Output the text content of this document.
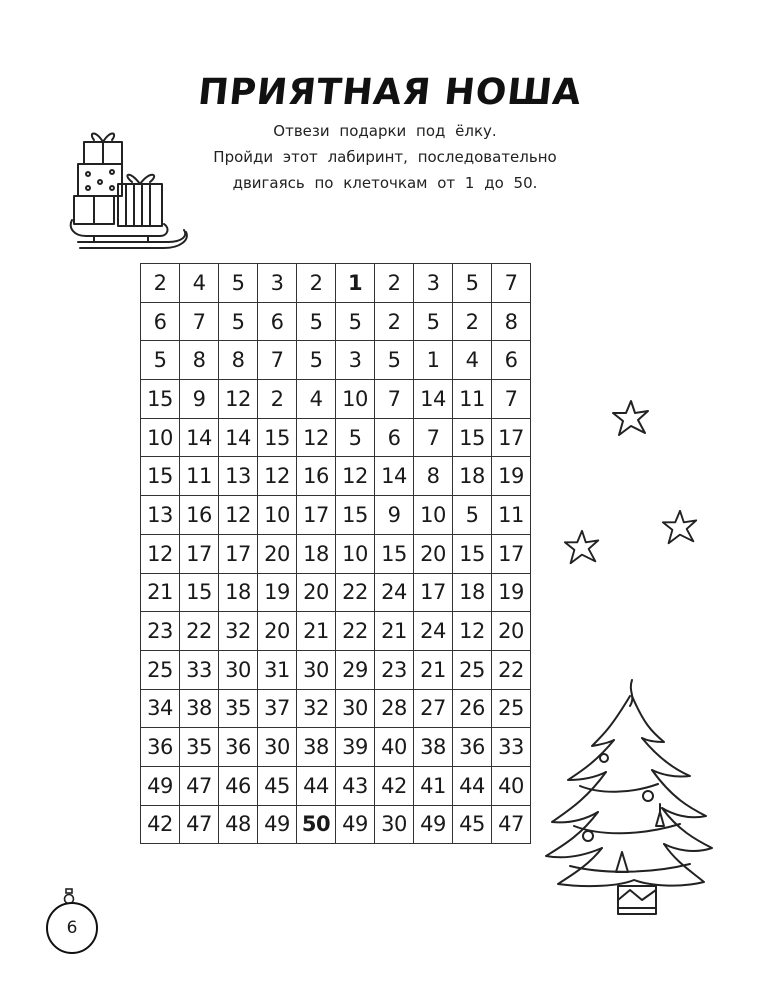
ПРИЯТНАЯ НОША
Отвези подарки под ёлку.
Пройди этот лабиринт, последовательно
двигаясь по клеточкам от 1 до 50.
2	4	5	3	2	1	2	3	5	7
6	7	5	6	5	5	2	5	2	8
5	8	8	7	5	3	5	1	4	6
15	9	12	2	4	10	7	14	11	7
10	14	14	15	12	5	6	7	15	17
15	11	13	12	16	12	14	8	18	19
13	16	12	10	17	15	9	10	5	11
12	17	17	20	18	10	15	20	15	17
21	15	18	19	20	22	24	17	18	19
23	22	32	20	21	22	21	24	12	20
25	33	30	31	30	29	23	21	25	22
34	38	35	37	32	30	28	27	26	25
36	35	36	30	38	39	40	38	36	33
49	47	46	45	44	43	42	41	44	40
42	47	48	49	50	49	30	49	45	47
6
